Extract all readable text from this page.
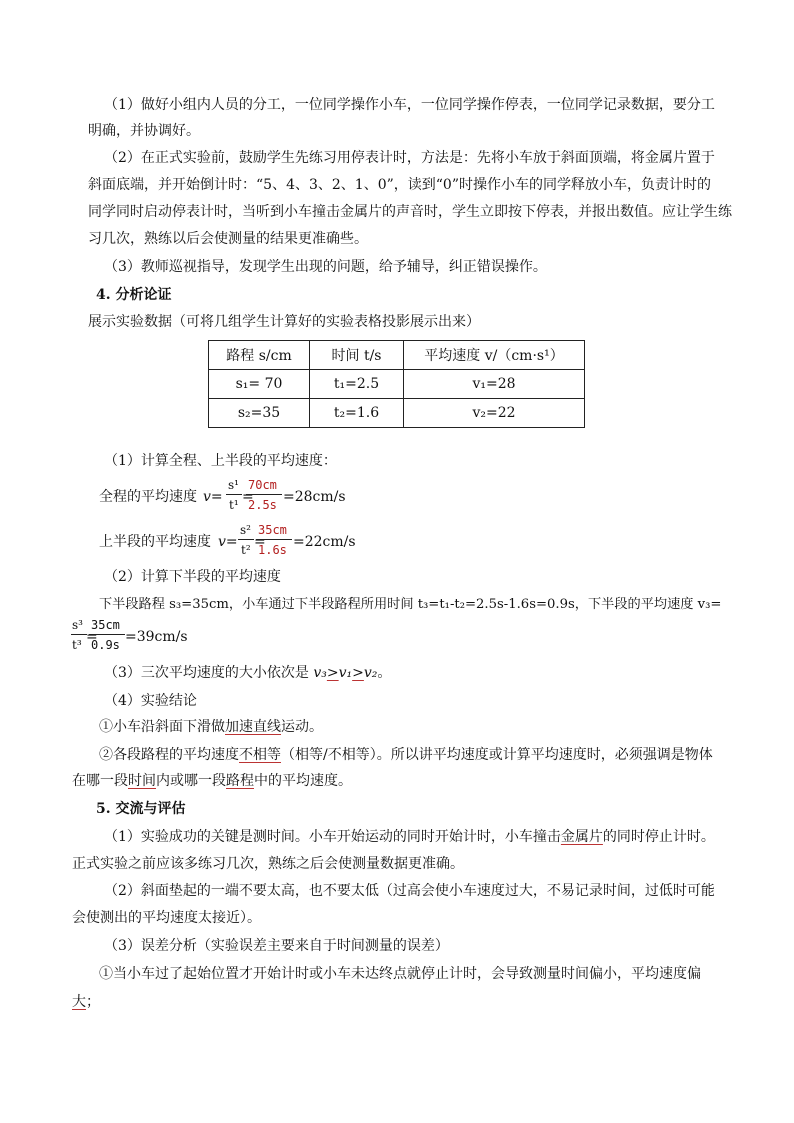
（1）做好小组内人员的分工，一位同学操作小车，一位同学操作停表，一位同学记录数据，要分工
明确，并协调好。
（2）在正式实验前，鼓励学生先练习用停表计时，方法是：先将小车放于斜面顶端，将金属片置于
斜面底端，并开始倒计时：“5、4、3、2、1、0”，读到“0”时操作小车的同学释放小车，负责计时的
同学同时启动停表计时，当听到小车撞击金属片的声音时，学生立即按下停表，并报出数值。应让学生练
习几次，熟练以后会使测量的结果更准确些。
（3）教师巡视指导，发现学生出现的问题，给予辅导，纠正错误操作。
4. 分析论证
展示实验数据（可将几组学生计算好的实验表格投影展示出来）
路程 s/cm	时间 t/s	平均速度 v/（cm·s¹）
s₁= 70	t₁=2.5	v₁=28
s₂=35	t₂=1.6	v₂=22
（1）计算全程、上半段的平均速度：
全程的平均速度 v=
s¹
t¹ =
70cm
2.5s =28cm/s
上半段的平均速度 v=
s²
t² =
35cm
1.6s =22cm/s
（2）计算下半段的平均速度
下半段路程 s₃=35cm，小车通过下半段路程所用时间 t₃=t₁-t₂=2.5s-1.6s=0.9s，下半段的平均速度 v₃=
s³
t³ =
35cm
0.9s =39cm/s
（3）三次平均速度的大小依次是 v₃>v₁>v₂。
（4）实验结论
①小车沿斜面下滑做加速直线运动。
②各段路程的平均速度不相等（相等/不相等）。所以讲平均速度或计算平均速度时，必须强调是物体
在哪一段时间内或哪一段路程中的平均速度。
5. 交流与评估
（1）实验成功的关键是测时间。小车开始运动的同时开始计时，小车撞击金属片的同时停止计时。
正式实验之前应该多练习几次，熟练之后会使测量数据更准确。
（2）斜面垫起的一端不要太高，也不要太低（过高会使小车速度过大，不易记录时间，过低时可能
会使测出的平均速度太接近）。
（3）误差分析（实验误差主要来自于时间测量的误差）
①当小车过了起始位置才开始计时或小车未达终点就停止计时，会导致测量时间偏小，平均速度偏
大；
